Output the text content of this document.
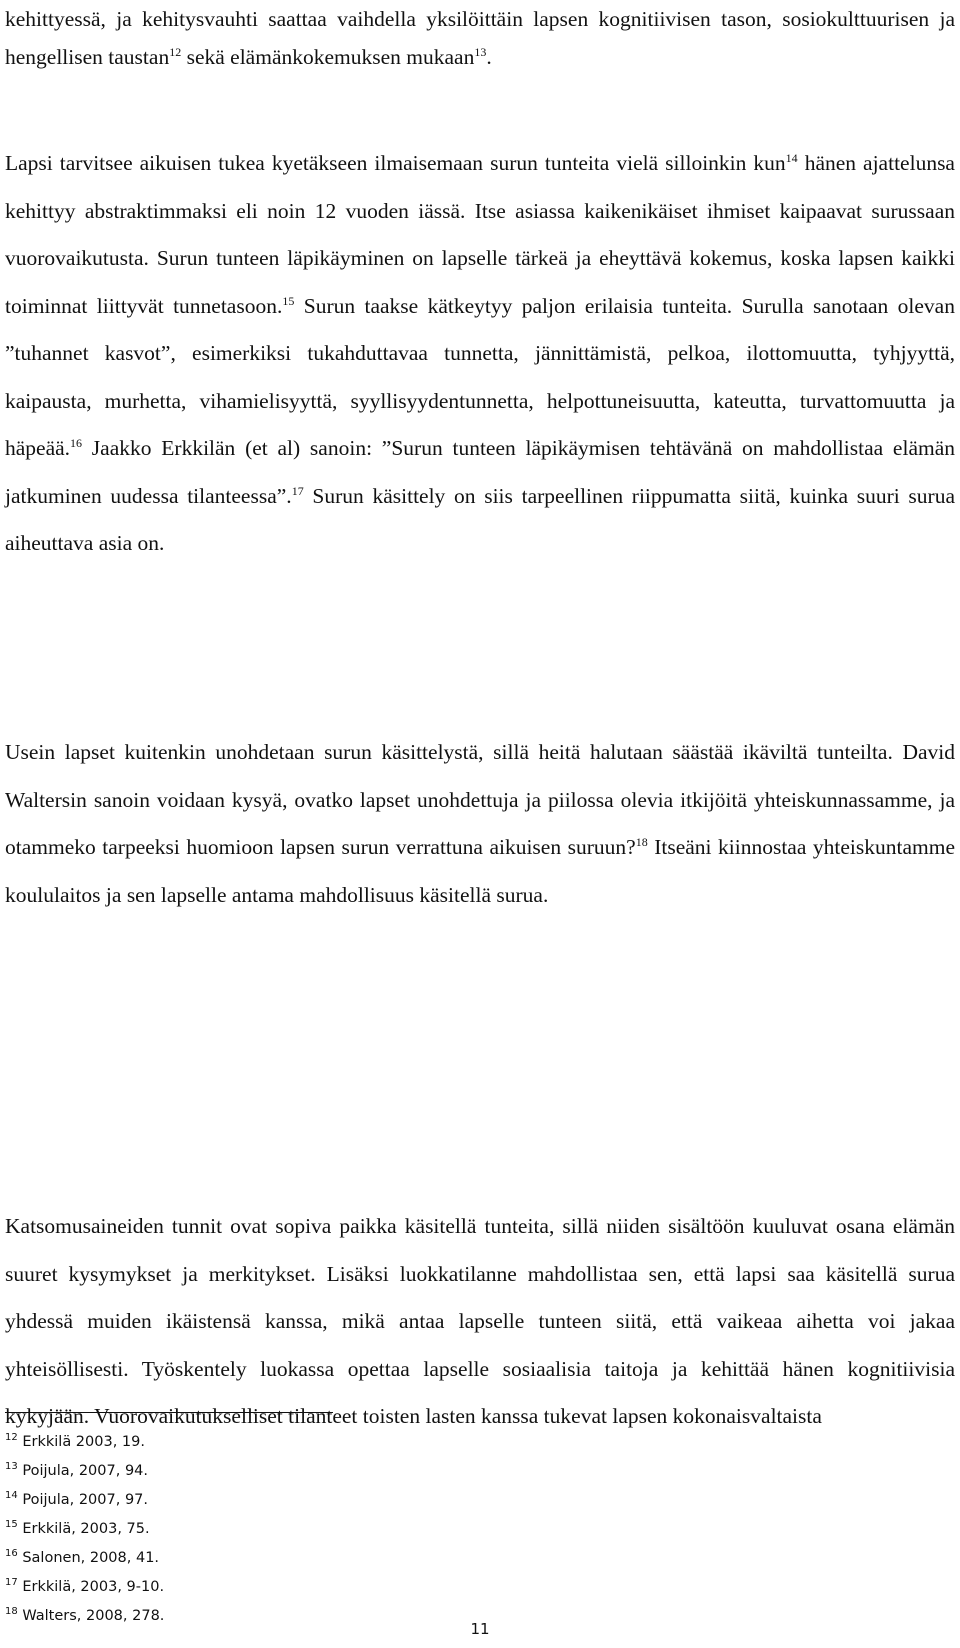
kehittyessä, ja kehitysvauhti saattaa vaihdella yksilöittäin lapsen kognitiivisen tason, sosiokulttuurisen ja hengellisen taustan$^{12}$ sekä elämänkokemuksen mukaan$^{13}$.

Lapsi tarvitsee aikuisen tukea kyetäkseen ilmaisemaan surun tunteita vielä silloinkin kun$^{14}$ hänen ajattelunsa kehittyy abstraktimmaksi eli noin 12 vuoden iässä. Itse asiassa kaikenikäiset ihmiset kaipaavat surussaan vuorovaikutusta. Surun tunteen läpikäyminen on lapselle tärkeä ja eheyttävä kokemus, koska lapsen kaikki toiminnat liittyvät tunnetasoon.$^{15}$ Surun taakse kätkeytyy paljon erilaisia tunteita. Surulla sanotaan olevan ”tuhannet kasvot”, esimerkiksi tukahduttavaa tunnetta, jännittämistä, pelkoa, ilottomuutta, tyhjyyttä, kaipausta, murhetta, vihamielisyyttä, syyllisyydentunnetta, helpottuneisuutta, kateutta, turvattomuutta ja häpeää.$^{16}$ Jaakko Erkkilän (et al) sanoin: ”Surun tunteen läpikäymisen tehtävänä on mahdollistaa elämän jatkuminen uudessa tilanteessa”.$^{17}$ Surun käsittely on siis tarpeellinen riippumatta siitä, kuinka suuri surua aiheuttava asia on.

Usein lapset kuitenkin unohdetaan surun käsittelystä, sillä heitä halutaan säästää ikäviltä tunteilta. David Waltersin sanoin voidaan kysyä, ovatko lapset unohdettuja ja piilossa olevia itkijöitä yhteiskunnassamme, ja otammeko tarpeeksi huomioon lapsen surun verrattuna aikuisen suruun?$^{18}$ Itseäni kiinnostaa yhteiskuntamme koululaitos ja sen lapselle antama mahdollisuus käsitellä surua.

Katsomusaineiden tunnit ovat sopiva paikka käsitellä tunteita, sillä niiden sisältöön kuuluvat osana elämän suuret kysymykset ja merkitykset. Lisäksi luokkatilanne mahdollistaa sen, että lapsi saa käsitellä surua yhdessä muiden ikäistensä kanssa, mikä antaa lapselle tunteen siitä, että vaikeaa aihetta voi jakaa yhteisöllisesti. Työskentely luokassa opettaa lapselle sosiaalisia taitoja ja kehittää hänen kognitiivisia kykyjään. Vuorovaikutukselliset tilanteet toisten lasten kanssa tukevat lapsen kokonaisvaltaista

$^{12}$ Erkkilä 2003, 19.
$^{13}$ Poijula, 2007, 94.
$^{14}$ Poijula, 2007, 97.
$^{15}$ Erkkilä, 2003, 75.
$^{16}$ Salonen, 2008, 41.
$^{17}$ Erkkilä, 2003, 9-10.
$^{18}$ Walters, 2008, 278.
11
